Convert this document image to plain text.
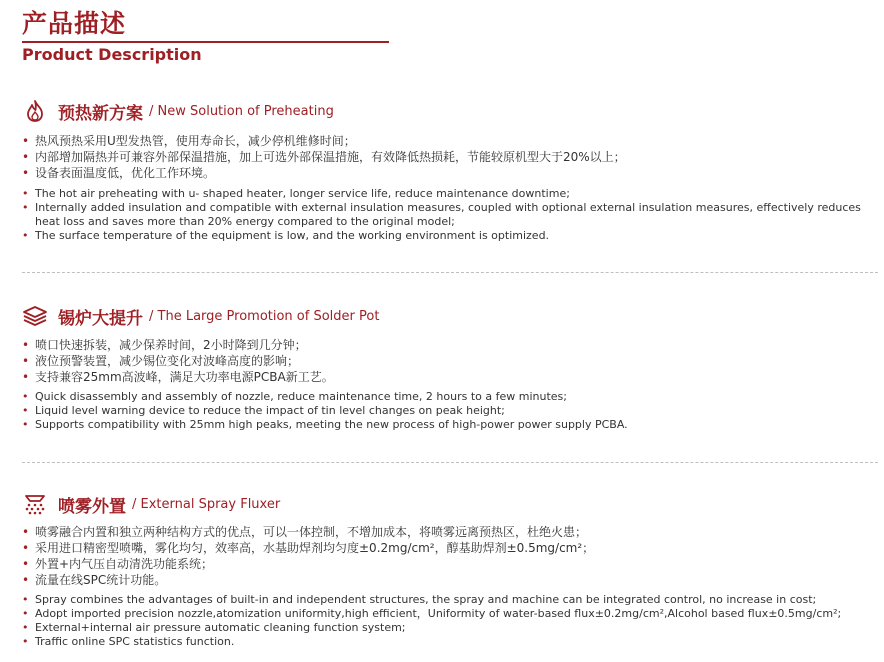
产品描述
Product Description
预热新方案 / New Solution of Preheating
• 热风预热采用U型发热管，使用寿命长，减少停机维修时间；
• 内部增加隔热并可兼容外部保温措施，加上可选外部保温措施，有效降低热损耗，节能较原机型大于20%以上；
• 设备表面温度低，优化工作环境。
• The hot air preheating with u- shaped heater, longer service life, reduce maintenance downtime;
• Internally added insulation and compatible with external insulation measures, coupled with optional external insulation measures, effectively reduces heat loss and saves more than 20% energy compared to the original model;
• The surface temperature of the equipment is low, and the working environment is optimized.
锡炉大提升 / The Large Promotion of Solder Pot
• 喷口快速拆装，减少保养时间，2小时降到几分钟；
• 液位预警装置，减少锡位变化对波峰高度的影响；
• 支持兼容25mm高波峰，满足大功率电源PCBA新工艺。
• Quick disassembly and assembly of nozzle, reduce maintenance time, 2 hours to a few minutes;
• Liquid level warning device to reduce the impact of tin level changes on peak height;
• Supports compatibility with 25mm high peaks, meeting the new process of high-power power supply PCBA.
喷雾外置 / External Spray Fluxer
• 喷雾融合内置和独立两种结构方式的优点，可以一体控制，不增加成本，将喷雾远离预热区，杜绝火患；
• 采用进口精密型喷嘴，雾化均匀，效率高，水基助焊剂均匀度±0.2mg/cm²，醇基助焊剂±0.5mg/cm²；
• 外置+内气压自动清洗功能系统；
• 流量在线SPC统计功能。
• Spray combines the advantages of built-in and independent structures, the spray and machine can be integrated control, no increase in cost;
• Adopt imported precision nozzle,atomization uniformity,high efficient，Uniformity of water-based flux±0.2mg/cm²,Alcohol based flux±0.5mg/cm²;
• External+internal air pressure automatic cleaning function system;
• Traffic online SPC statistics function.
